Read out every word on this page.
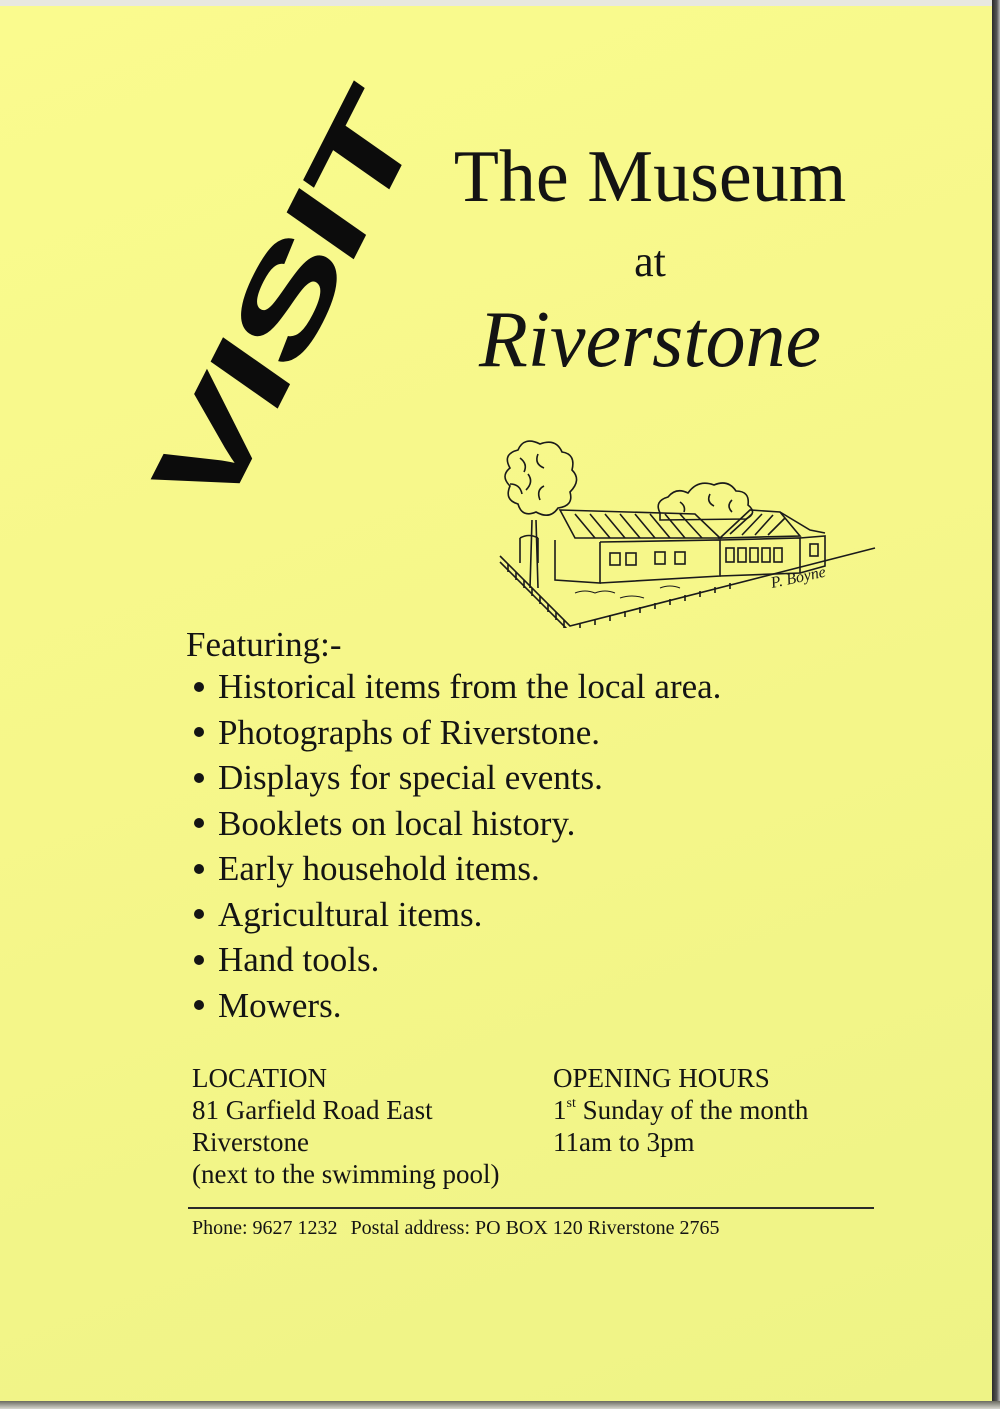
VISIT The Museum
at
Riverstone
P. Boyne
Featuring:-
Historical items from the local area.
Photographs of Riverstone.
Displays for special events.
Booklets on local history.
Early household items.
Agricultural items.
Hand tools.
Mowers.
LOCATION
81 Garfield Road East
Riverstone
(next to the swimming pool)
OPENING HOURS
1st Sunday of the month
11am to 3pm
Phone: 9627 1232 Postal address: PO BOX 120 Riverstone 2765
